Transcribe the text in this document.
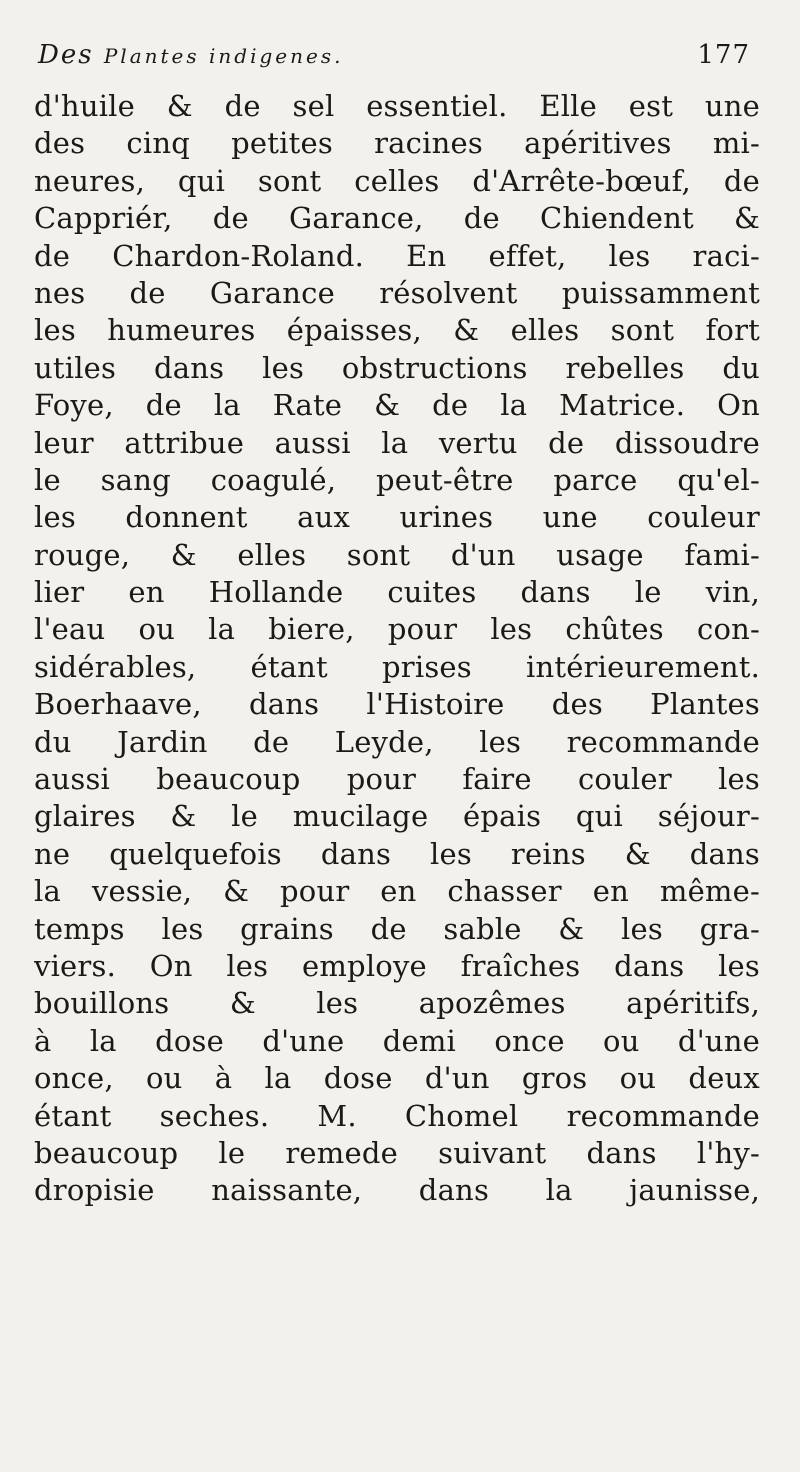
Des Plantes indigenes.	177
d'huile & de sel essentiel. Elle est une
des cinq petites racines apéritives mi-
neures, qui sont celles d'Arrête-bœuf, de
Cappriér, de Garance, de Chiendent &
de Chardon-Roland. En effet, les raci-
nes de Garance résolvent puissamment
les humeures épaisses, & elles sont fort
utiles dans les obstructions rebelles du
Foye, de la Rate & de la Matrice. On
leur attribue aussi la vertu de dissoudre
le sang coagulé, peut-être parce qu'el-
les donnent aux urines une couleur
rouge, & elles sont d'un usage fami-
lier en Hollande cuites dans le vin,
l'eau ou la biere, pour les chûtes con-
sidérables, étant prises intérieurement.
Boerhaave, dans l'Histoire des Plantes
du Jardin de Leyde, les recommande
aussi beaucoup pour faire couler les
glaires & le mucilage épais qui séjour-
ne quelquefois dans les reins & dans
la vessie, & pour en chasser en même-
temps les grains de sable & les gra-
viers. On les employe fraîches dans les
bouillons & les apozêmes apéritifs,
à la dose d'une demi once ou d'une
once, ou à la dose d'un gros ou deux
étant seches. M. Chomel recommande
beaucoup le remede suivant dans l'hy-
dropisie naissante, dans la jaunisse,
